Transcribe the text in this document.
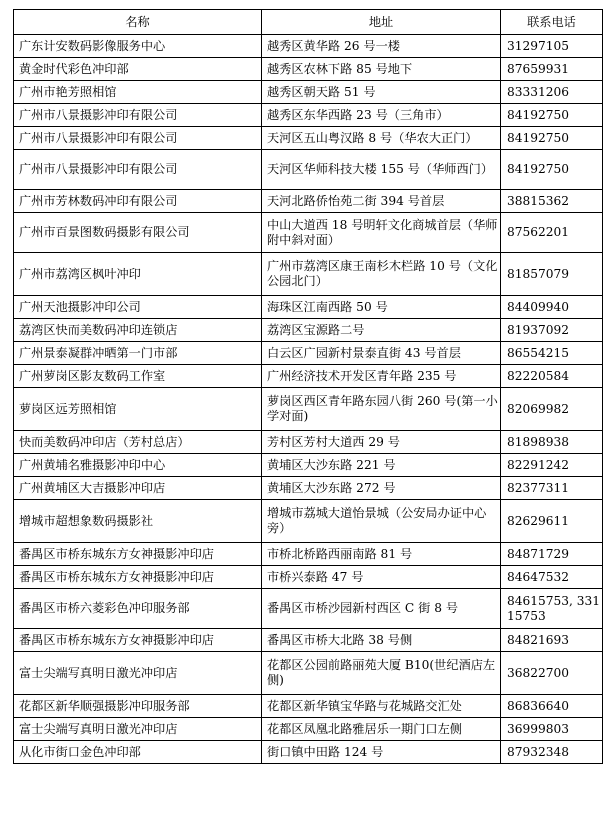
名称	地址	联系电话
广东计安数码影像服务中心	越秀区黄华路 26 号一楼	31297105
黄金时代彩色冲印部	越秀区农林下路 85 号地下	87659931
广州市艳芳照相馆	越秀区朝天路 51 号	83331206
广州市八景摄影冲印有限公司	越秀区东华西路 23 号（三角市）	84192750
广州市八景摄影冲印有限公司	天河区五山粤汉路 8 号（华农大正门）	84192750
广州市八景摄影冲印有限公司	天河区华师科技大楼 155 号（华师西门）	84192750
广州市芳林数码冲印有限公司	天河北路侨怡苑二街 394 号首层	38815362
广州市百景图数码摄影有限公司	中山大道西 18 号明轩文化商城首层（华师附中斜对面）	87562201
广州市荔湾区枫叶冲印	广州市荔湾区康王南杉木栏路 10 号（文化公园北门）	81857079
广州天池摄影冲印公司	海珠区江南西路 50 号	84409940
荔湾区快而美数码冲印连锁店	荔湾区宝源路二号	81937092
广州景泰凝群冲晒第一门市部	白云区广园新村景泰直街 43 号首层	86554215
广州萝岗区影友数码工作室	广州经济技术开发区青年路 235 号	82220584
萝岗区远芳照相馆	萝岗区西区青年路东园八街 260 号(第一小学对面)	82069982
快而美数码冲印店（芳村总店）	芳村区芳村大道西 29 号	81898938
广州黄埔名雅摄影冲印中心	黄埔区大沙东路 221 号	82291242
广州黄埔区大吉摄影冲印店	黄埔区大沙东路 272 号	82377311
增城市超想象数码摄影社	增城市荔城大道怡景城（公安局办证中心旁）	82629611
番禺区市桥东城东方女神摄影冲印店	市桥北桥路西丽南路 81 号	84871729
番禺区市桥东城东方女神摄影冲印店	市桥兴泰路 47 号	84647532
番禺区市桥六菱彩色冲印服务部	番禺区市桥沙园新村西区 C 街 8 号	84615753, 33115753
番禺区市桥东城东方女神摄影冲印店	番禺区市桥大北路 38 号侧	84821693
富士尖端写真明日激光冲印店	花都区公园前路丽苑大厦 B10(世纪酒店左侧)	36822700
花都区新华顺强摄影冲印服务部	花都区新华镇宝华路与花城路交汇处	86836640
富士尖端写真明日激光冲印店	花都区凤凰北路雅居乐一期门口左侧	36999803
从化市街口金色冲印部	街口镇中田路 124 号	87932348
